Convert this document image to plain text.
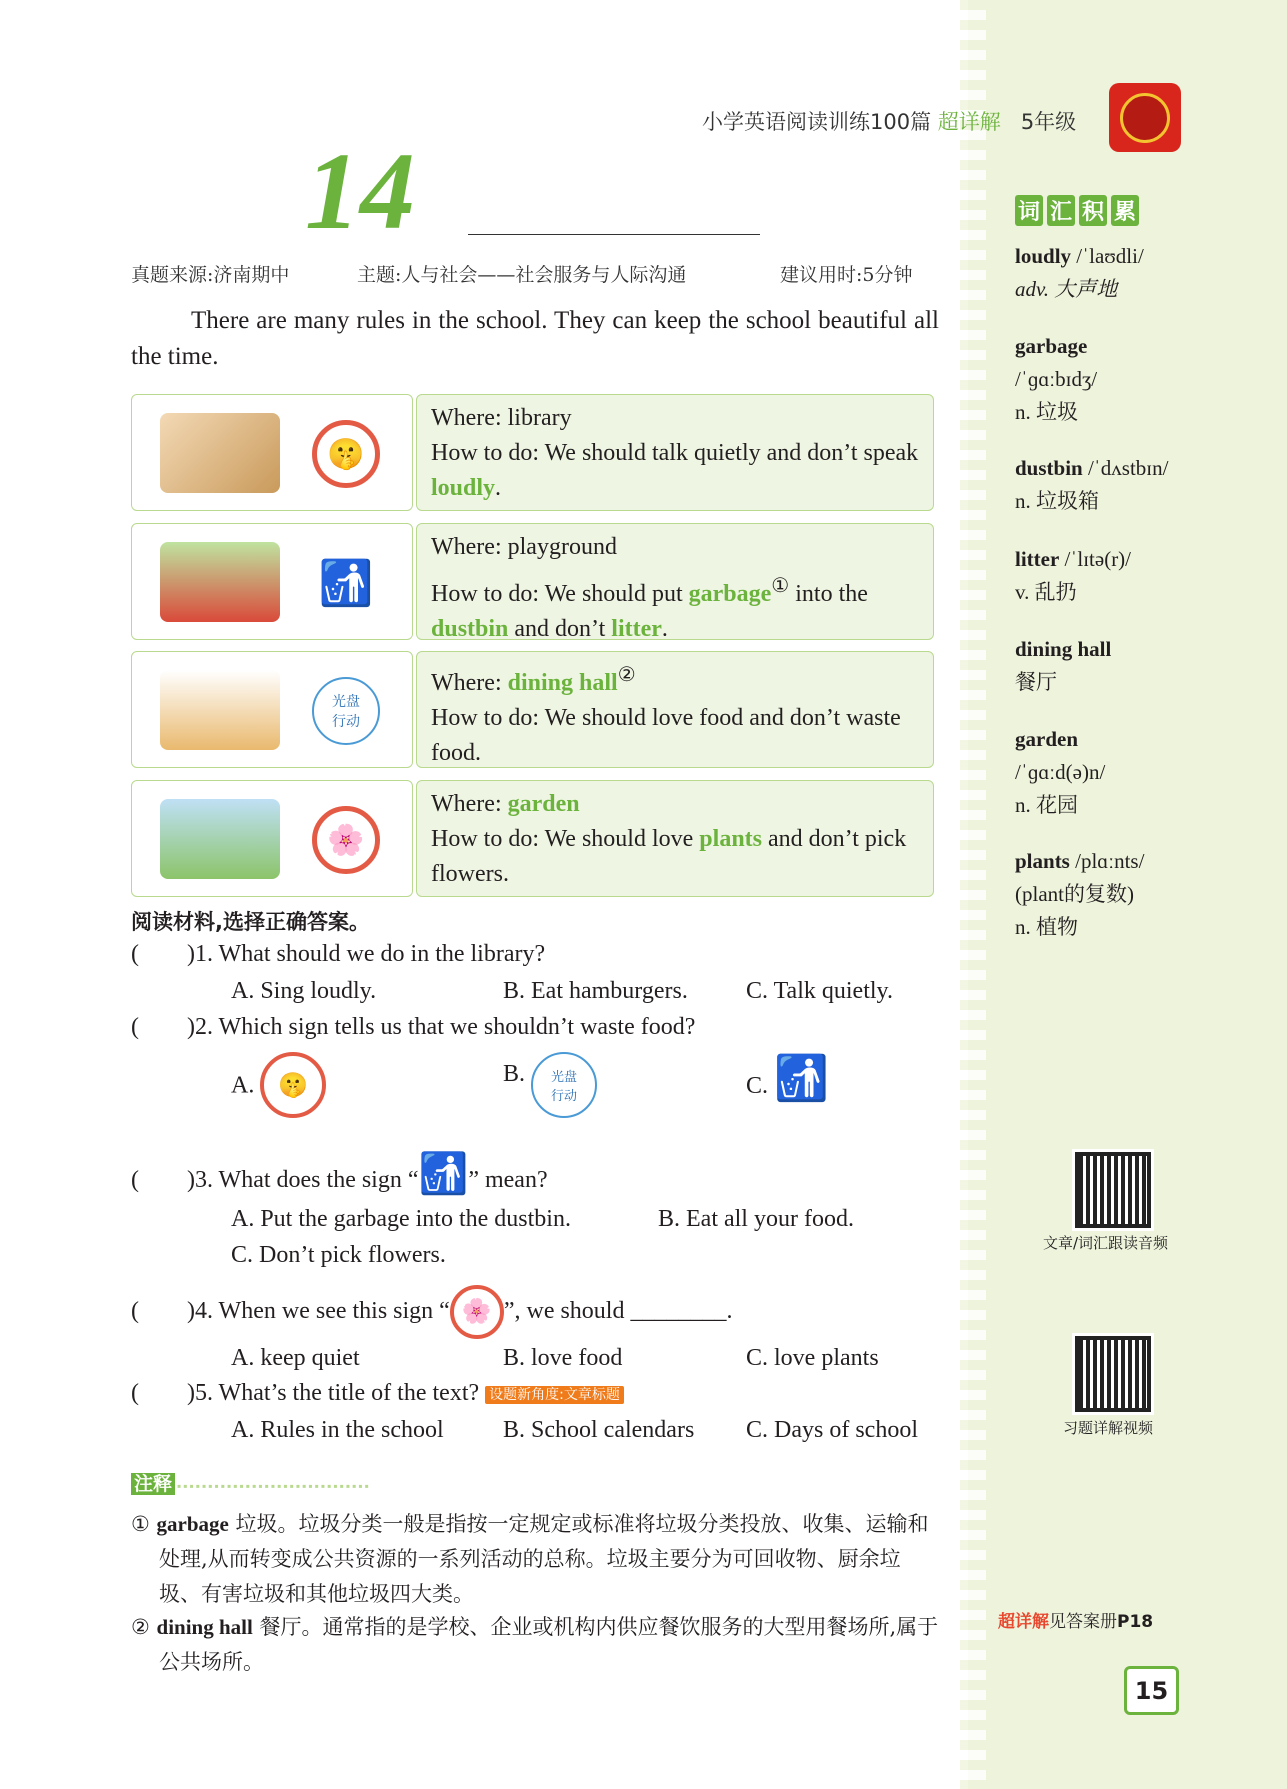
小学英语阅读训练100篇 超详解 5年级
14
真题来源:济南期中	主题:人与社会——社会服务与人际沟通	建议用时:5分钟
There are many rules in the school. They can keep the school beautiful all the time.
🤫
Where: library
How to do: We should talk quietly and don’t speak loudly.
🚮
Where: playground
How to do: We should put garbage① into the dustbin and don’t litter.
光盘
行动
Where: dining hall②
How to do: We should love food and don’t waste food.
🌸
Where: garden
How to do: We should love plants and don’t pick flowers.
阅读材料,选择正确答案。
(        )1. What should we do in the library?
A. Sing loudly.	B. Eat hamburgers. C. Talk quietly.
(        )2. Which sign tells us that we shouldn’t waste food?
A. 🤫	B. 光盘
行动	C. 🚮
(        )3. What does the sign “🚮” mean?
A. Put the garbage into the dustbin.	B. Eat all your food.
C. Don’t pick flowers.
(        )4. When we see this sign “ 🌸 ”, we should ________.
A. keep quiet	B. love food	C. love plants
(        )5. What’s the title of the text? 设题新角度:文章标题
A. Rules in the school B. School calendars C. Days of school
注释 ▪▪▪▪▪▪▪▪▪▪▪▪▪▪▪▪▪▪▪▪▪▪▪▪▪▪▪▪▪▪▪
① garbage 垃圾。垃圾分类一般是指按一定规定或标准将垃圾分类投放、收集、运输和处理,从而转变成公共资源的一系列活动的总称。垃圾主要分为可回收物、厨余垃圾、有害垃圾和其他垃圾四大类。
② dining hall 餐厅。通常指的是学校、企业或机构内供应餐饮服务的大型用餐场所,属于公共场所。
词 汇 积 累
loudly /ˈlaʊdli/
adv. 大声地
garbage
/ˈɡɑːbɪdʒ/
n. 垃圾
dustbin /ˈdʌstbɪn/
n. 垃圾箱
litter /ˈlɪtə(r)/
v. 乱扔
dining hall
餐厅
garden
/ˈɡɑːd(ə)n/
n. 花园
plants /plɑːnts/
(plant的复数)
n. 植物
文章/词汇跟读音频
习题详解视频
超详解见答案册P18
15
